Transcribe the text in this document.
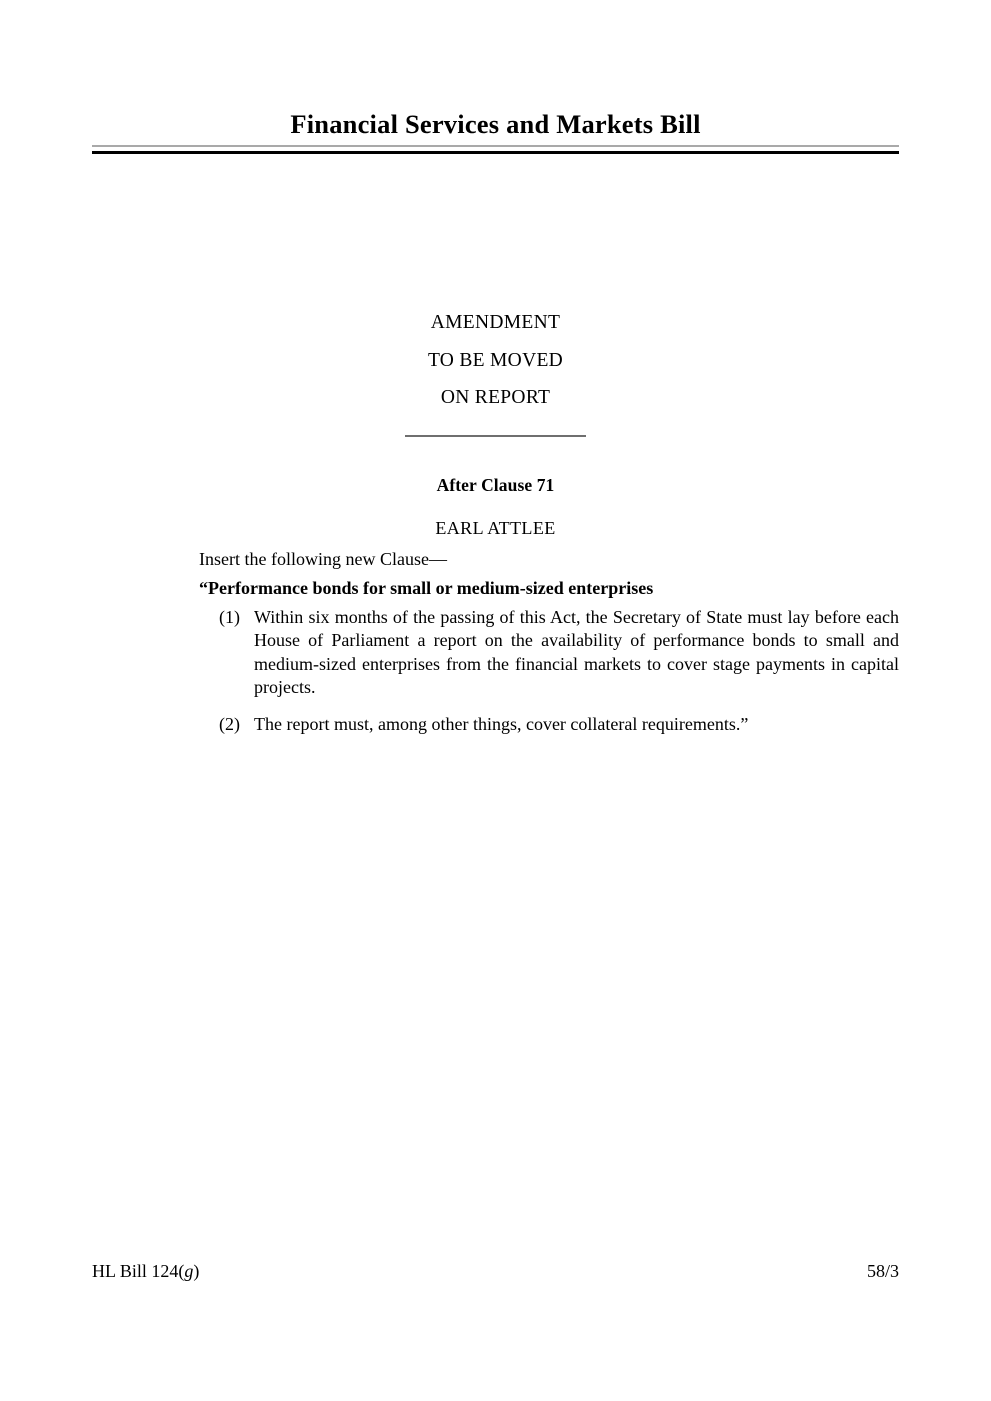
Financial Services and Markets Bill
AMENDMENT
TO BE MOVED
ON REPORT
After Clause 71
EARL ATTLEE
Insert the following new Clause—
“Performance bonds for small or medium-sized enterprises
(1) Within six months of the passing of this Act, the Secretary of State must lay before each House of Parliament a report on the availability of performance bonds to small and medium-sized enterprises from the financial markets to cover stage payments in capital projects.
(2) The report must, among other things, cover collateral requirements.”
HL Bill 124(g)	58/3
